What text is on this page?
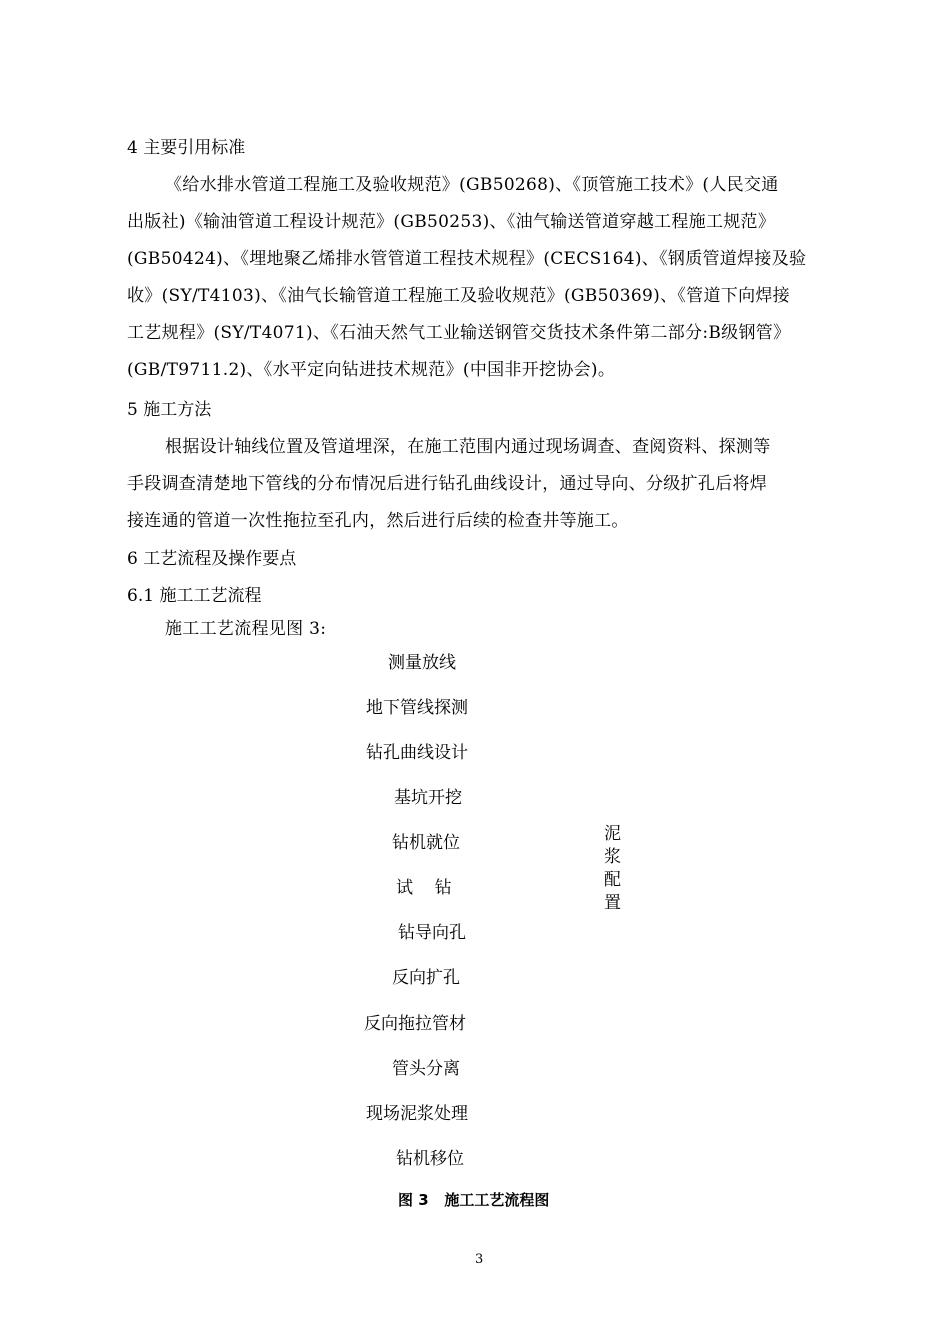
4 主要引用标准

《给水排水管道工程施工及验收规范》(GB50268)、《顶管施工技术》(人民交通

出版社)《输油管道工程设计规范》(GB50253)、《油气输送管道穿越工程施工规范》

(GB50424)、《埋地聚乙烯排水管管道工程技术规程》(CECS164)、《钢质管道焊接及验

收》(SY/T4103)、《油气长输管道工程施工及验收规范》(GB50369)、《管道下向焊接

工艺规程》(SY/T4071)、《石油天然气工业输送钢管交货技术条件第二部分:B级钢管》

(GB/T9711.2)、《水平定向钻进技术规范》(中国非开挖协会)。

5 施工方法

根据设计轴线位置及管道埋深，在施工范围内通过现场调查、查阅资料、探测等

手段调查清楚地下管线的分布情况后进行钻孔曲线设计，通过导向、分级扩孔后将焊

接连通的管道一次性拖拉至孔内，然后进行后续的检查井等施工。

6 工艺流程及操作要点

6.1 施工工艺流程

施工工艺流程见图 3:

测量放线

地下管线探测

钻孔曲线设计

基坑开挖

钻机就位

试    钻

钻导向孔

反向扩孔

反向拖拉管材

管头分离

现场泥浆处理

钻机移位

泥

浆

配

置

图 3   施工工艺流程图

3
